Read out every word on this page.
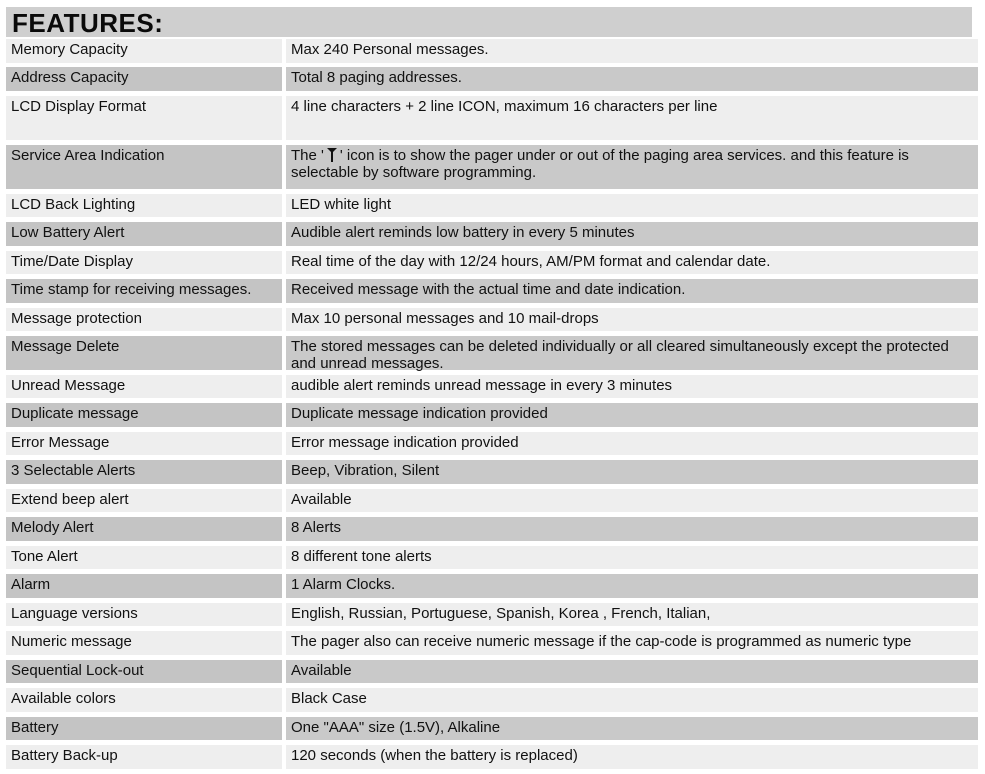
FEATURES:
Memory Capacity	Max 240 Personal messages.
Address Capacity	Total 8 paging addresses.
LCD Display Format	4 line characters + 2 line ICON, maximum 16 characters per line
Service Area Indication	The ' ' icon is to show the pager under or out of the paging area services. and this feature is selectable by software programming.
LCD Back Lighting	LED white light
Low Battery Alert	Audible alert reminds low battery in every 5 minutes
Time/Date Display	Real time of the day with 12/24 hours, AM/PM format and calendar date.
Time stamp for receiving messages.	Received message with the actual time and date indication.
Message protection	Max 10 personal messages and 10 mail-drops
Message Delete	The stored messages can be deleted individually or all cleared simultaneously except the protected and unread messages.
Unread Message	audible alert reminds unread message in every 3 minutes
Duplicate message	Duplicate message indication provided
Error Message	Error message indication provided
3 Selectable Alerts	Beep, Vibration, Silent
Extend beep alert	Available
Melody Alert	8 Alerts
Tone Alert	8 different tone alerts
Alarm	1 Alarm Clocks.
Language versions	English, Russian, Portuguese, Spanish, Korea , French, Italian,
Numeric message	The pager also can receive numeric message if the cap-code is programmed as numeric type
Sequential Lock-out	Available
Available colors	Black Case
Battery	One "AAA" size (1.5V), Alkaline
Battery Back-up	120 seconds (when the battery is replaced)
